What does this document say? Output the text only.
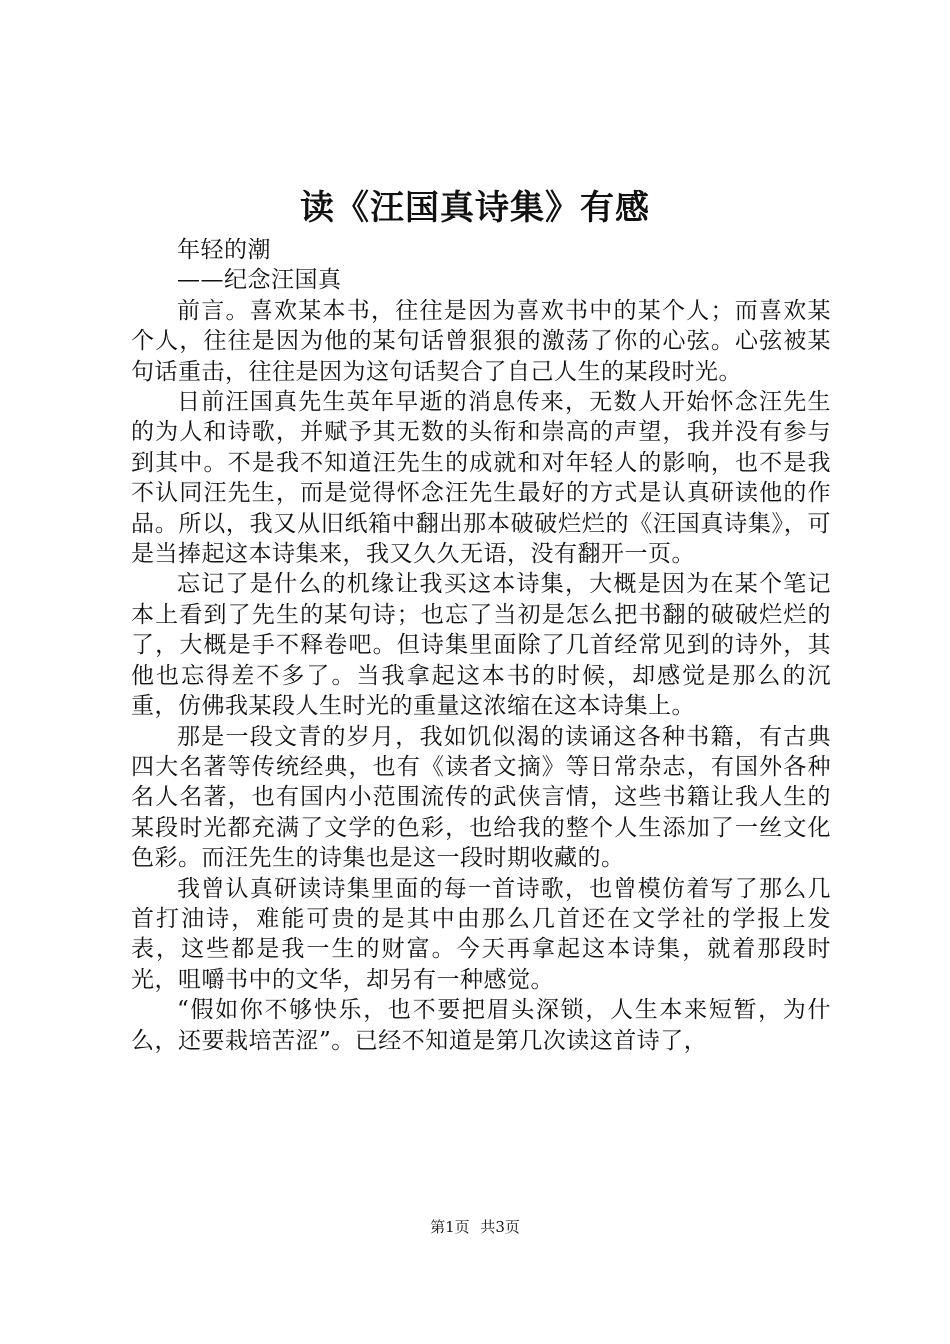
读《汪国真诗集》有感

年轻的潮

——纪念汪国真

前言。喜欢某本书，往往是因为喜欢书中的某个人；而喜欢某个人，往往是因为他的某句话曾狠狠的激荡了你的心弦。心弦被某句话重击，往往是因为这句话契合了自己人生的某段时光。

日前汪国真先生英年早逝的消息传来，无数人开始怀念汪先生的为人和诗歌，并赋予其无数的头衔和崇高的声望，我并没有参与到其中。不是我不知道汪先生的成就和对年轻人的影响，也不是我不认同汪先生，而是觉得怀念汪先生最好的方式是认真研读他的作品。所以，我又从旧纸箱中翻出那本破破烂烂的《汪国真诗集》，可是当捧起这本诗集来，我又久久无语，没有翻开一页。

忘记了是什么的机缘让我买这本诗集，大概是因为在某个笔记本上看到了先生的某句诗；也忘了当初是怎么把书翻的破破烂烂的了，大概是手不释卷吧。但诗集里面除了几首经常见到的诗外，其他也忘得差不多了。当我拿起这本书的时候，却感觉是那么的沉重，仿佛我某段人生时光的重量这浓缩在这本诗集上。

那是一段文青的岁月，我如饥似渴的读诵这各种书籍，有古典四大名著等传统经典，也有《读者文摘》等日常杂志，有国外各种名人名著，也有国内小范围流传的武侠言情，这些书籍让我人生的某段时光都充满了文学的色彩，也给我的整个人生添加了一丝文化色彩。而汪先生的诗集也是这一段时期收藏的。

我曾认真研读诗集里面的每一首诗歌，也曾模仿着写了那么几首打油诗，难能可贵的是其中由那么几首还在文学社的学报上发表，这些都是我一生的财富。今天再拿起这本诗集，就着那段时光，咀嚼书中的文华，却另有一种感觉。

“假如你不够快乐，也不要把眉头深锁，人生本来短暂，为什么，还要栽培苦涩”。已经不知道是第几次读这首诗了，

第1页 共3页
